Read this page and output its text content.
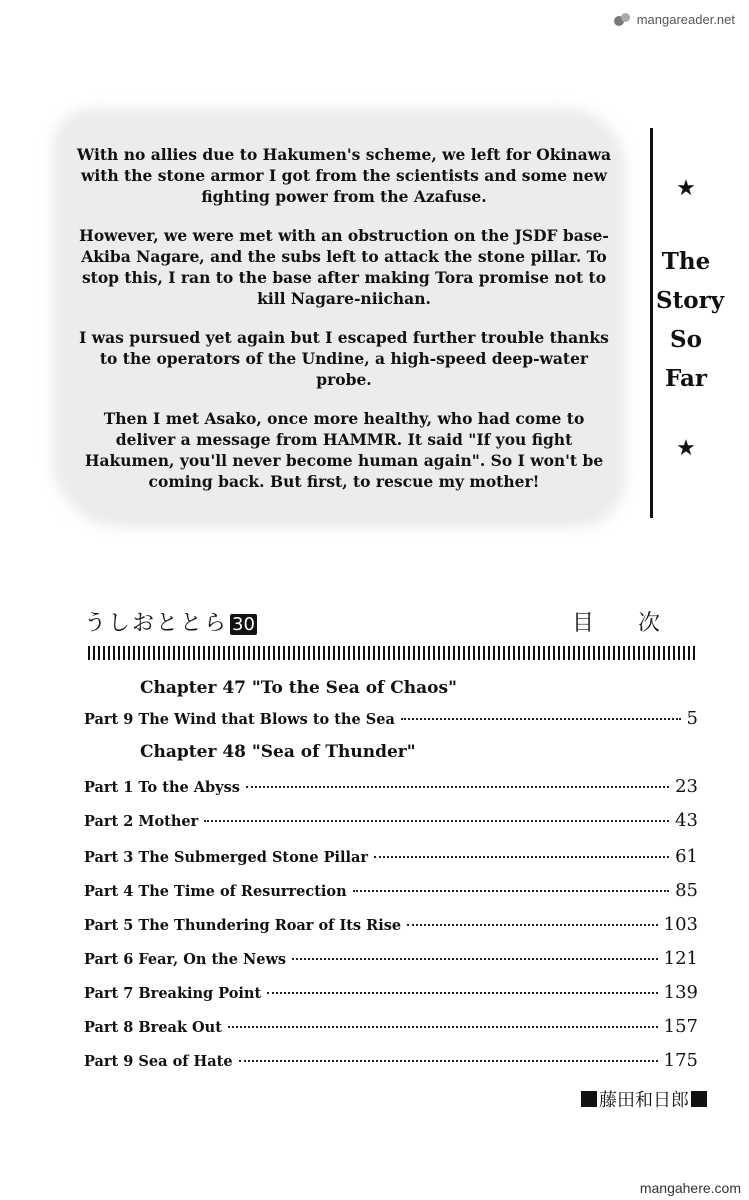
mangareader.net

With no allies due to Hakumen's scheme, we left for Okinawa with the stone armor I got from the scientists and some new fighting power from the Azafuse.

However, we were met with an obstruction on the JSDF base- Akiba Nagare, and the subs left to attack the stone pillar. To stop this, I ran to the base after making Tora promise not to kill Nagare-niichan.

I was pursued yet again but I escaped further trouble thanks to the operators of the Undine, a high-speed deep-water probe.

Then I met Asako, once more healthy, who had come to deliver a message from HAMMR. It said "If you fight Hakumen, you'll never become human again". So I won't be coming back. But first, to rescue my mother!

★
The
Story
So
Far
★
うしおととら 30	目次
Chapter 47 "To the Sea of Chaos"
Part 9 The Wind that Blows to the Sea	5
Chapter 48 "Sea of Thunder"
Part 1 To the Abyss	23
Part 2 Mother	43
Part 3 The Submerged Stone Pillar	61
Part 4 The Time of Resurrection	85
Part 5 The Thundering Roar of Its Rise	103
Part 6 Fear, On the News	121
Part 7 Breaking Point	139
Part 8 Break Out	157
Part 9 Sea of Hate	175
藤田和日郎
mangahere.com
